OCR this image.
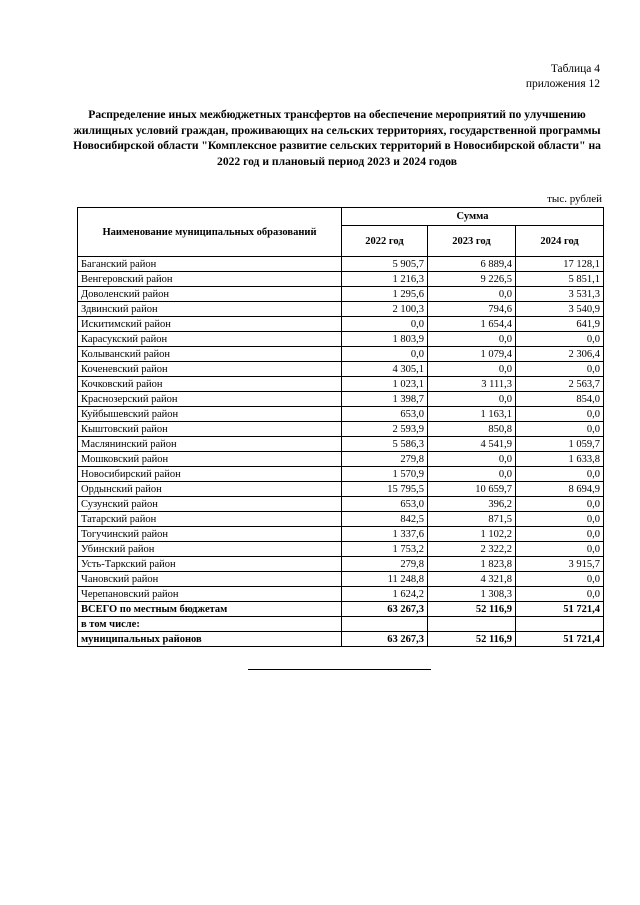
Таблица 4
приложения 12
Распределение иных межбюджетных трансфертов на обеспечение мероприятий по улучшению жилищных условий граждан, проживающих на сельских территориях, государственной программы Новосибирской области "Комплексное развитие сельских территорий в Новосибирской области" на 2022 год и плановый период 2023 и 2024 годов
тыс. рублей
Наименование муниципальных образований	Сумма		
	2022 год	2023 год	2024 год
Баганский район	5 905,7	6 889,4	17 128,1
Венгеровский район	1 216,3	9 226,5	5 851,1
Доволенский район	1 295,6	0,0	3 531,3
Здвинский район	2 100,3	794,6	3 540,9
Искитимский район	0,0	1 654,4	641,9
Карасукский район	1 803,9	0,0	0,0
Колыванский район	0,0	1 079,4	2 306,4
Коченевский район	4 305,1	0,0	0,0
Кочковский район	1 023,1	3 111,3	2 563,7
Краснозерский район	1 398,7	0,0	854,0
Куйбышевский район	653,0	1 163,1	0,0
Кыштовский район	2 593,9	850,8	0,0
Маслянинский район	5 586,3	4 541,9	1 059,7
Мошковский район	279,8	0,0	1 633,8
Новосибирский район	1 570,9	0,0	0,0
Ордынский район	15 795,5	10 659,7	8 694,9
Сузунский район	653,0	396,2	0,0
Татарский район	842,5	871,5	0,0
Тогучинский район	1 337,6	1 102,2	0,0
Убинский район	1 753,2	2 322,2	0,0
Усть-Таркский район	279,8	1 823,8	3 915,7
Чановский район	11 248,8	4 321,8	0,0
Черепановский район	1 624,2	1 308,3	0,0
ВСЕГО по местным бюджетам	63 267,3	52 116,9	51 721,4
в том числе:			
муниципальных районов	63 267,3	52 116,9	51 721,4
